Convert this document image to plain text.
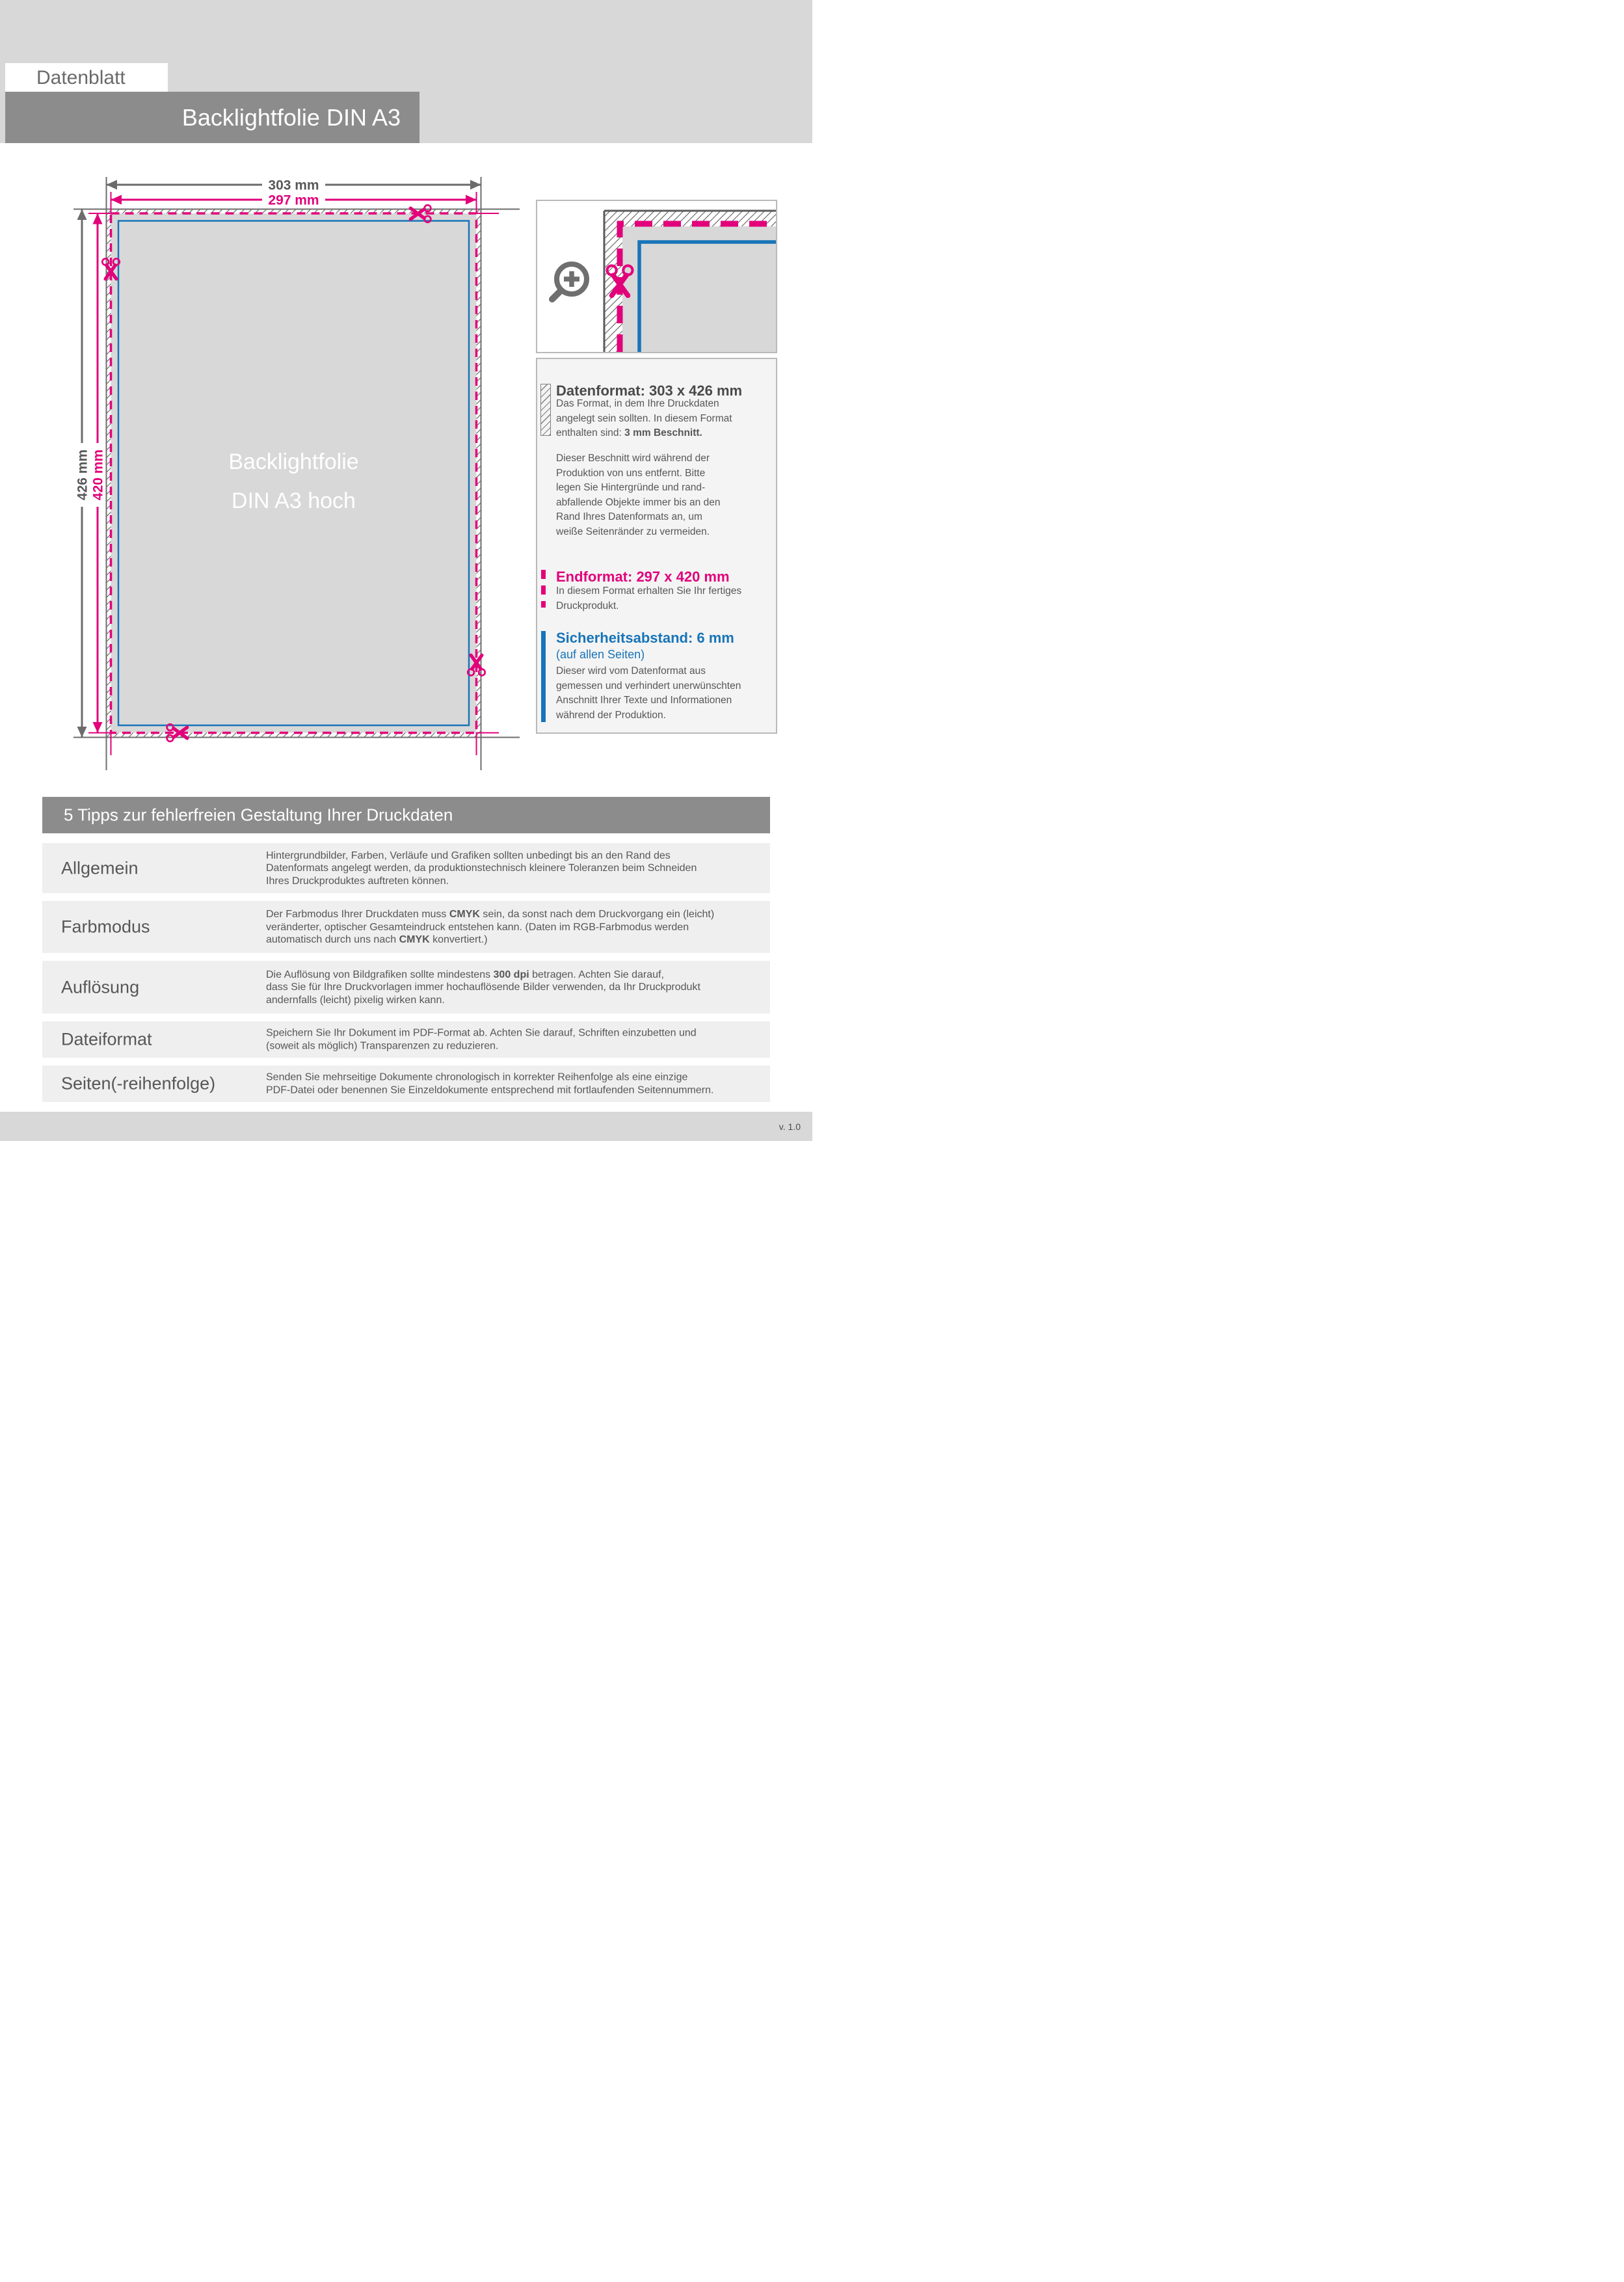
Datenblatt
Backlightfolie DIN A3
Backlightfolie
DIN A3 hoch
303 mm
297 mm
426 mm 420 mm
Datenformat: 303 x 426 mm
Das Format, in dem Ihre Druckdaten
angelegt sein sollten. In diesem Format
enthalten sind: 3 mm Beschnitt.
Dieser Beschnitt wird während der
Produktion von uns entfernt. Bitte
legen Sie Hintergründe und rand-
abfallende Objekte immer bis an den
Rand Ihres Datenformats an, um
weiße Seitenränder zu vermeiden.
Endformat: 297 x 420 mm
In diesem Format erhalten Sie Ihr fertiges
Druckprodukt.
Sicherheitsabstand: 6 mm
(auf allen Seiten)
Dieser wird vom Datenformat aus
gemessen und verhindert unerwünschten
Anschnitt Ihrer Texte und Informationen
während der Produktion.
5 Tipps zur fehlerfreien Gestaltung Ihrer Druckdaten
Allgemein
Hintergrundbilder, Farben, Verläufe und Grafiken sollten unbedingt bis an den Rand des
Datenformats angelegt werden, da produktionstechnisch kleinere Toleranzen beim Schneiden
Ihres Druckproduktes auftreten können.
Farbmodus
Der Farbmodus Ihrer Druckdaten muss CMYK sein, da sonst nach dem Druckvorgang ein (leicht)
veränderter, optischer Gesamteindruck entstehen kann. (Daten im RGB-Farbmodus werden
automatisch durch uns nach CMYK konvertiert.)
Auflösung
Die Auflösung von Bildgrafiken sollte mindestens 300 dpi betragen. Achten Sie darauf,
dass Sie für Ihre Druckvorlagen immer hochauflösende Bilder verwenden, da Ihr Druckprodukt
andernfalls (leicht) pixelig wirken kann.
Dateiformat	Speichern Sie Ihr Dokument im PDF-Format ab. Achten Sie darauf, Schriften einzubetten und
(soweit als möglich) Transparenzen zu reduzieren.
Seiten(-reihenfolge)	Senden Sie mehrseitige Dokumente chronologisch in korrekter Reihenfolge als eine einzige
PDF-Datei oder benennen Sie Einzeldokumente entsprechend mit fortlaufenden Seitennummern.
v. 1.0
